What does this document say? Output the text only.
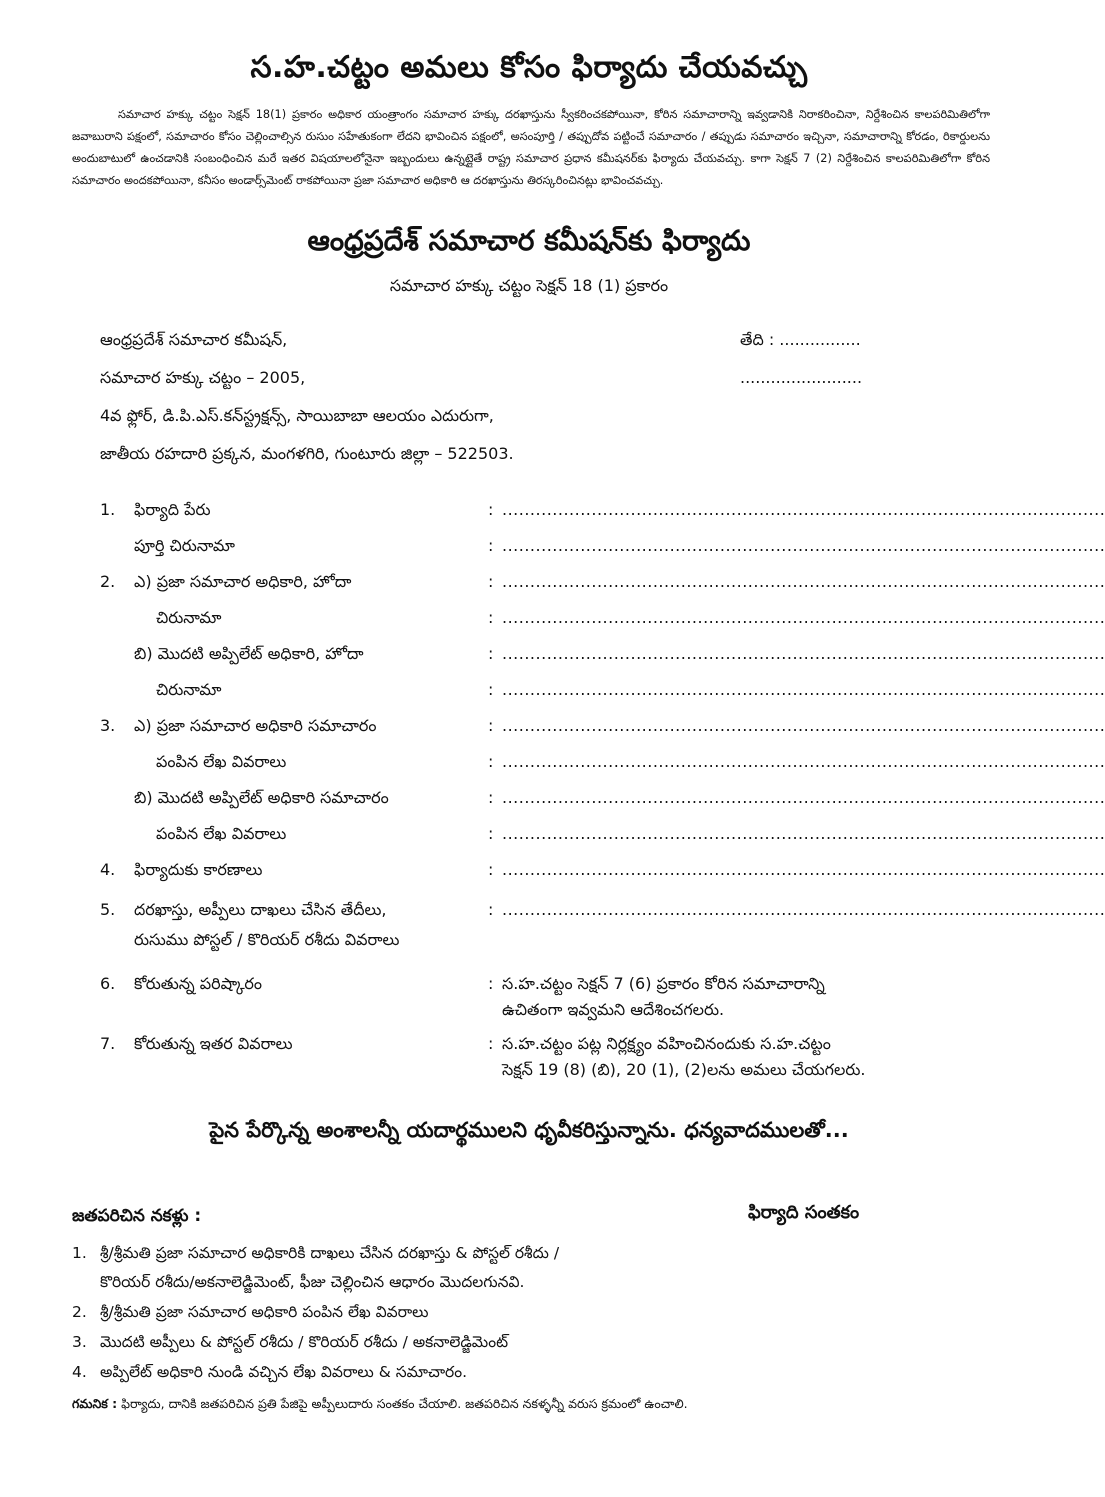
స.హ.చట్టం అమలు కోసం ఫిర్యాదు చేయవచ్చు
సమాచార హక్కు చట్టం సెక్షన్ 18(1) ప్రకారం అధికార యంత్రాంగం సమాచార హక్కు దరఖాస్తును స్వీకరించకపోయినా, కోరిన సమాచారాన్ని ఇవ్వడానికి నిరాకరించినా, నిర్దేశించిన కాలపరిమితిలోగా జవాబురాని పక్షంలో, సమాచారం కోసం చెల్లించాల్సిన రుసుం సహేతుకంగా లేదని భావించిన పక్షంలో, అసంపూర్తి / తప్పుదోవ పట్టించే సమాచారం / తప్పుడు సమాచారం ఇచ్చినా, సమాచారాన్ని కోరడం, రికార్డులను అందుబాటులో ఉంచడానికి సంబంధించిన మరే ఇతర విషయాలలోనైనా ఇబ్బందులు ఉన్నట్లైతే రాష్ట్ర సమాచార ప్రధాన కమీషనర్‌కు ఫిర్యాదు చేయవచ్చు. కాగా సెక్షన్ 7 (2) నిర్దేశించిన కాలపరిమితిలోగా కోరిన సమాచారం అందకపోయినా, కనీసం అండార్స్‌మెంట్ రాకపోయినా ప్రజా సమాచార అధికారి ఆ దరఖాస్తును తిరస్కరించినట్లు భావించవచ్చు.
ఆంధ్రప్రదేశ్ సమాచార కమీషన్‌కు ఫిర్యాదు
సమాచార హక్కు చట్టం సెక్షన్ 18 (1) ప్రకారం
ఆంధ్రప్రదేశ్ సమాచార కమీషన్,
సమాచార హక్కు చట్టం – 2005,
4వ ఫ్లోర్, డి.పి.ఎస్.కన్‌స్ట్రక్షన్స్, సాయిబాబా ఆలయం ఎదురుగా,
జాతీయ రహదారి ప్రక్కన, మంగళగిరి, గుంటూరు జిల్లా – 522503.
తేది : ................
........................
1.	ఫిర్యాది పేరు	: ............................................................................................................
పూర్తి చిరునామా	: ............................................................................................................
2.	ఎ) ప్రజా సమాచార అధికారి, హోదా	: ............................................................................................................
చిరునామా	: ............................................................................................................
బి) మొదటి అప్పిలేట్ అధికారి, హోదా	: ............................................................................................................
చిరునామా	: ............................................................................................................
3.	ఎ) ప్రజా సమాచార అధికారి సమాచారం	: ............................................................................................................
పంపిన లేఖ వివరాలు	: ............................................................................................................
బి) మొదటి అప్పిలేట్ అధికారి సమాచారం	: ............................................................................................................
పంపిన లేఖ వివరాలు	: ............................................................................................................
4.	ఫిర్యాదుకు కారణాలు	: ............................................................................................................
5.	దరఖాస్తు, అప్పీలు దాఖలు చేసిన తేదీలు,	: ............................................................................................................
రుసుము పోస్టల్ / కొరియర్ రశీదు వివరాలు
6.	కోరుతున్న పరిష్కారం	: స.హ.చట్టం సెక్షన్ 7 (6) ప్రకారం కోరిన సమాచారాన్ని
ఉచితంగా ఇవ్వమని ఆదేశించగలరు.
7.	కోరుతున్న ఇతర వివరాలు	: స.హ.చట్టం పట్ల నిర్లక్ష్యం వహించినందుకు స.హ.చట్టం
సెక్షన్ 19 (8) (బి), 20 (1), (2)లను అమలు చేయగలరు.
పైన పేర్కొన్న అంశాలన్నీ యదార్థములని ధృవీకరిస్తున్నాను. ధన్యవాదములతో...
జతపరిచిన నకళ్లు :	ఫిర్యాది సంతకం
1. శ్రీ/శ్రీమతి ప్రజా సమాచార అధికారికి దాఖలు చేసిన దరఖాస్తు & పోస్టల్ రశీదు /
కొరియర్ రశీదు/అకనాలెడ్జిమెంట్, ఫీజు చెల్లించిన ఆధారం మొదలగునవి.
2. శ్రీ/శ్రీమతి ప్రజా సమాచార అధికారి పంపిన లేఖ వివరాలు
3. మొదటి అప్పీలు & పోస్టల్ రశీదు / కొరియర్ రశీదు / అకనాలెడ్జిమెంట్
4. అప్పిలేట్ అధికారి నుండి వచ్చిన లేఖ వివరాలు & సమాచారం.
గమనిక : ఫిర్యాదు, దానికి జతపరిచిన ప్రతి పేజిపై అప్పీలుదారు సంతకం చేయాలి. జతపరిచిన నకళ్ళన్నీ వరుస క్రమంలో ఉంచాలి.
